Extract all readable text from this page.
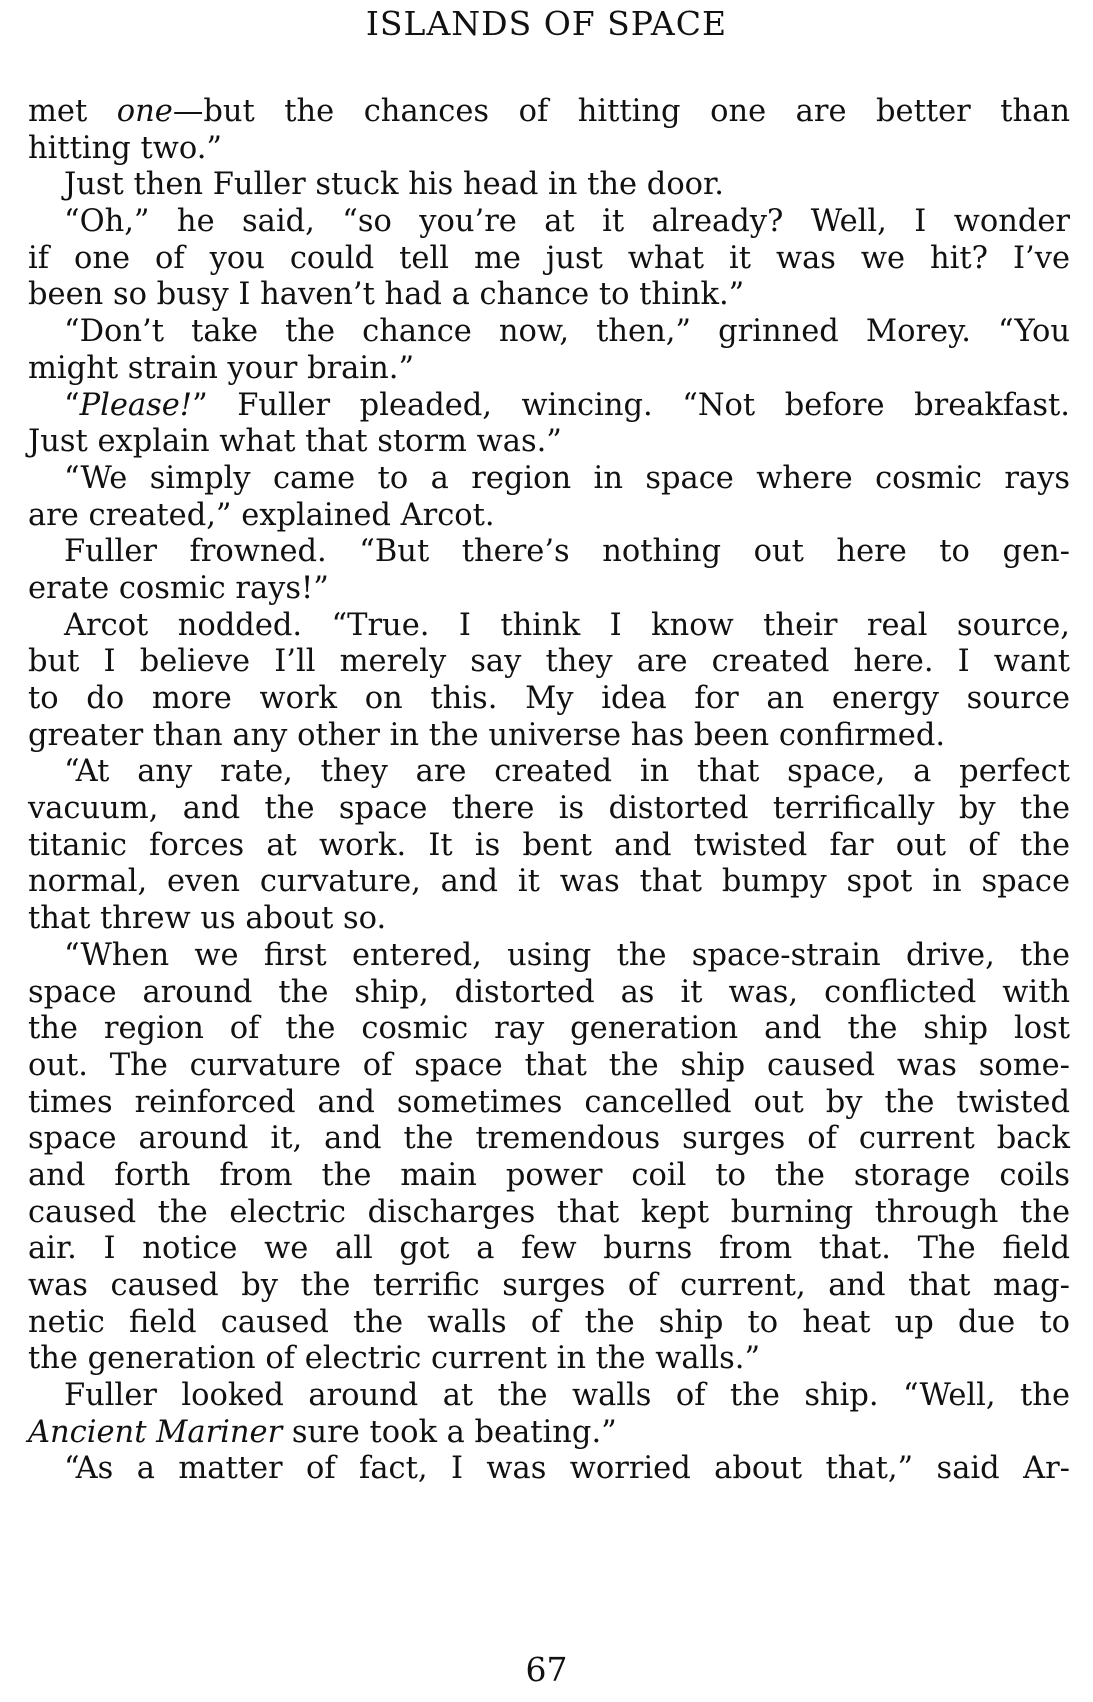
ISLANDS OF SPACE
met one—but the chances of hitting one are better than
hitting two.”
Just then Fuller stuck his head in the door.
“Oh,” he said, “so you’re at it already? Well, I wonder
if one of you could tell me just what it was we hit? I’ve
been so busy I haven’t had a chance to think.”
“Don’t take the chance now, then,” grinned Morey. “You
might strain your brain.”
“Please!” Fuller pleaded, wincing. “Not before breakfast.
Just explain what that storm was.”
“We simply came to a region in space where cosmic rays
are created,” explained Arcot.
Fuller frowned. “But there’s nothing out here to gen-
erate cosmic rays!”
Arcot nodded. “True. I think I know their real source,
but I believe I’ll merely say they are created here. I want
to do more work on this. My idea for an energy source
greater than any other in the universe has been confirmed.
“At any rate, they are created in that space, a perfect
vacuum, and the space there is distorted terrifically by the
titanic forces at work. It is bent and twisted far out of the
normal, even curvature, and it was that bumpy spot in space
that threw us about so.
“When we first entered, using the space-strain drive, the
space around the ship, distorted as it was, conflicted with
the region of the cosmic ray generation and the ship lost
out. The curvature of space that the ship caused was some-
times reinforced and sometimes cancelled out by the twisted
space around it, and the tremendous surges of current back
and forth from the main power coil to the storage coils
caused the electric discharges that kept burning through the
air. I notice we all got a few burns from that. The field
was caused by the terrific surges of current, and that mag-
netic field caused the walls of the ship to heat up due to
the generation of electric current in the walls.”
Fuller looked around at the walls of the ship. “Well, the
Ancient Mariner sure took a beating.”
“As a matter of fact, I was worried about that,” said Ar-
67
